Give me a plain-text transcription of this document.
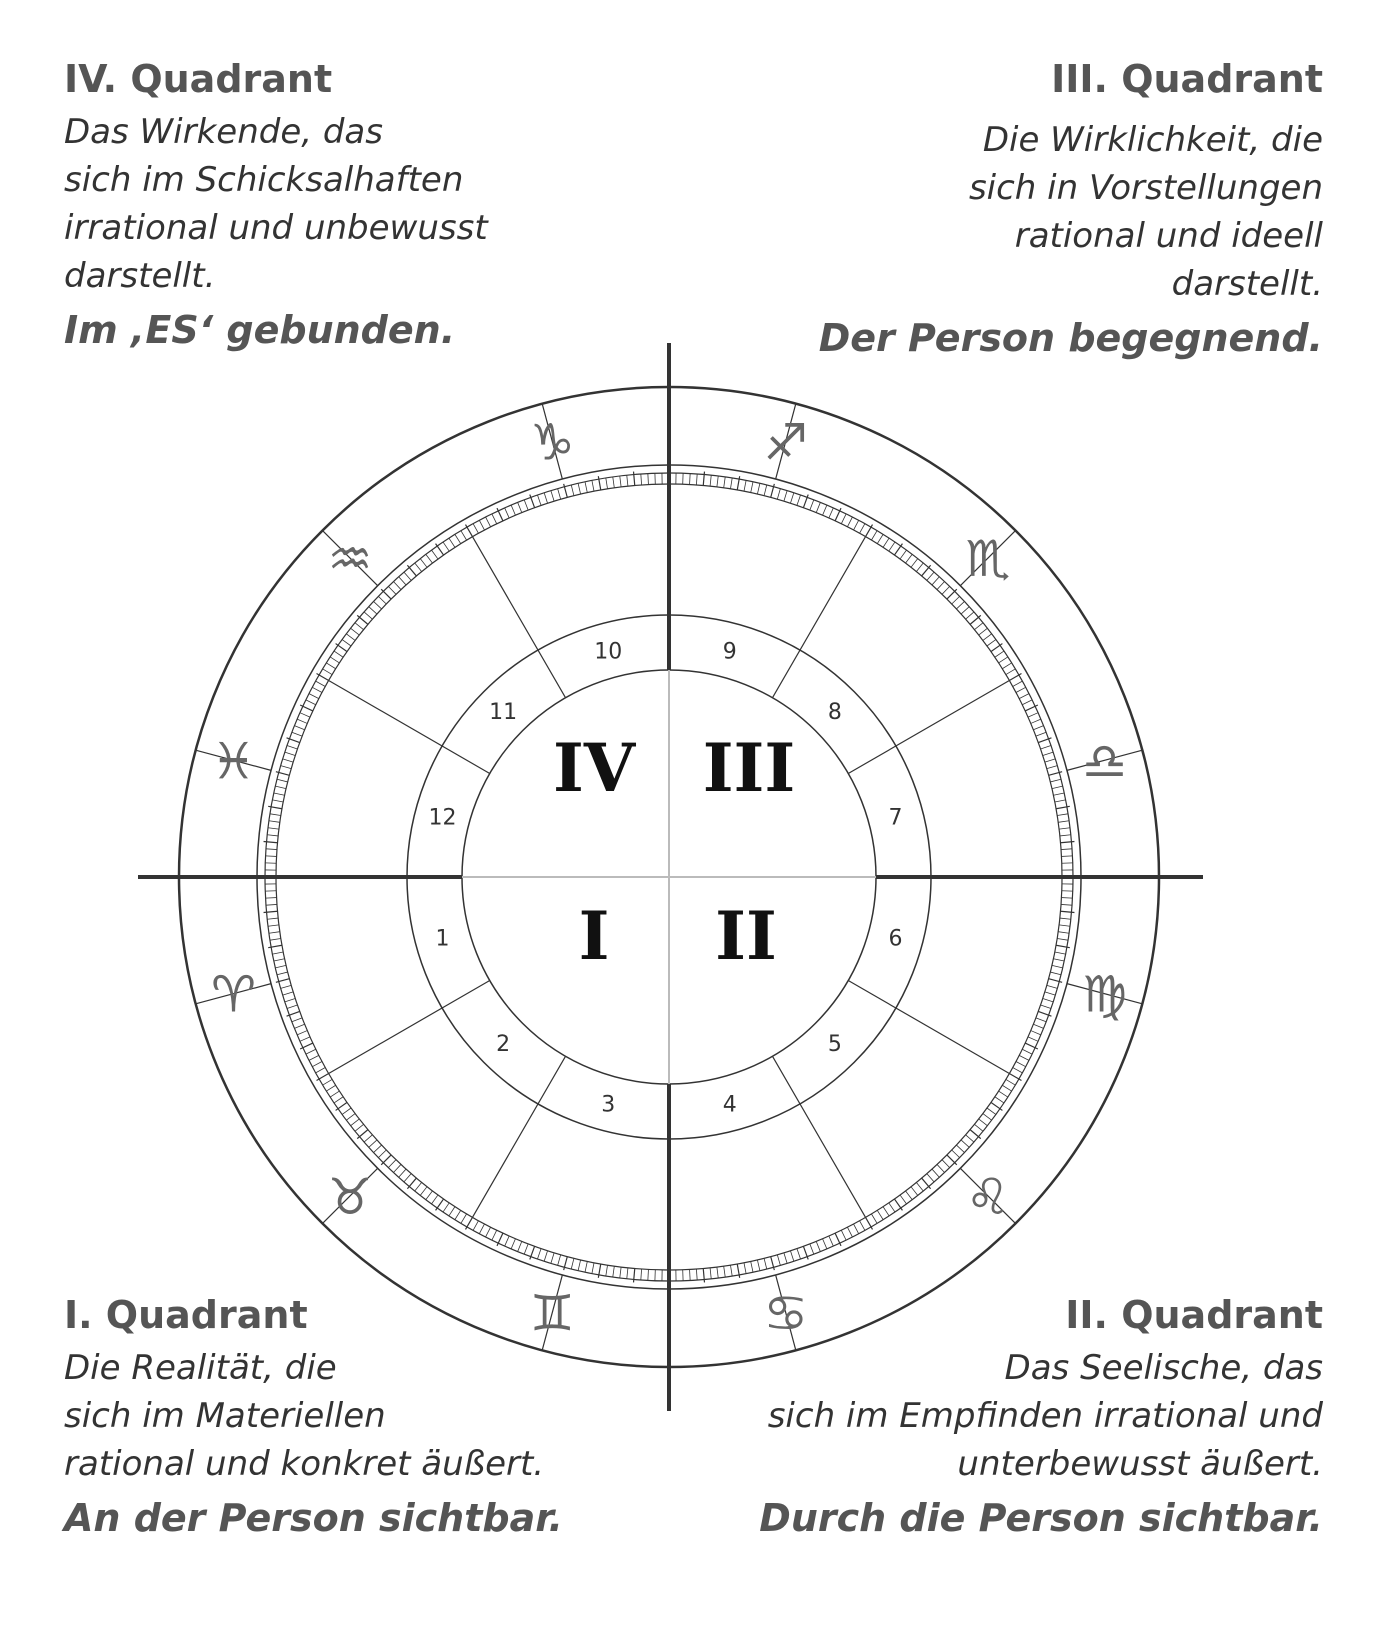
IV. Quadrant
Das Wirkende, das
sich im Schicksalhaften
irrational und unbewusst
darstellt.
Im ‚ES‘ gebunden.
III. Quadrant
Die Wirklichkeit, die
sich in Vorstellungen
rational und ideell
darstellt.
Der Person begegnend.
I. Quadrant
Die Realität, die
sich im Materiellen
rational und konkret äußert.
An der Person sichtbar.
II. Quadrant
Das Seelische, das
sich im Empfinden irrational und
unterbewusst äußert.
Durch die Person sichtbar.
1
2
3	4
5
6
7
8
9
10
11
12
♈
♉
♊	♋
♌
♍
♎
♏
♐
♑
♒
♓	IV III
I II
